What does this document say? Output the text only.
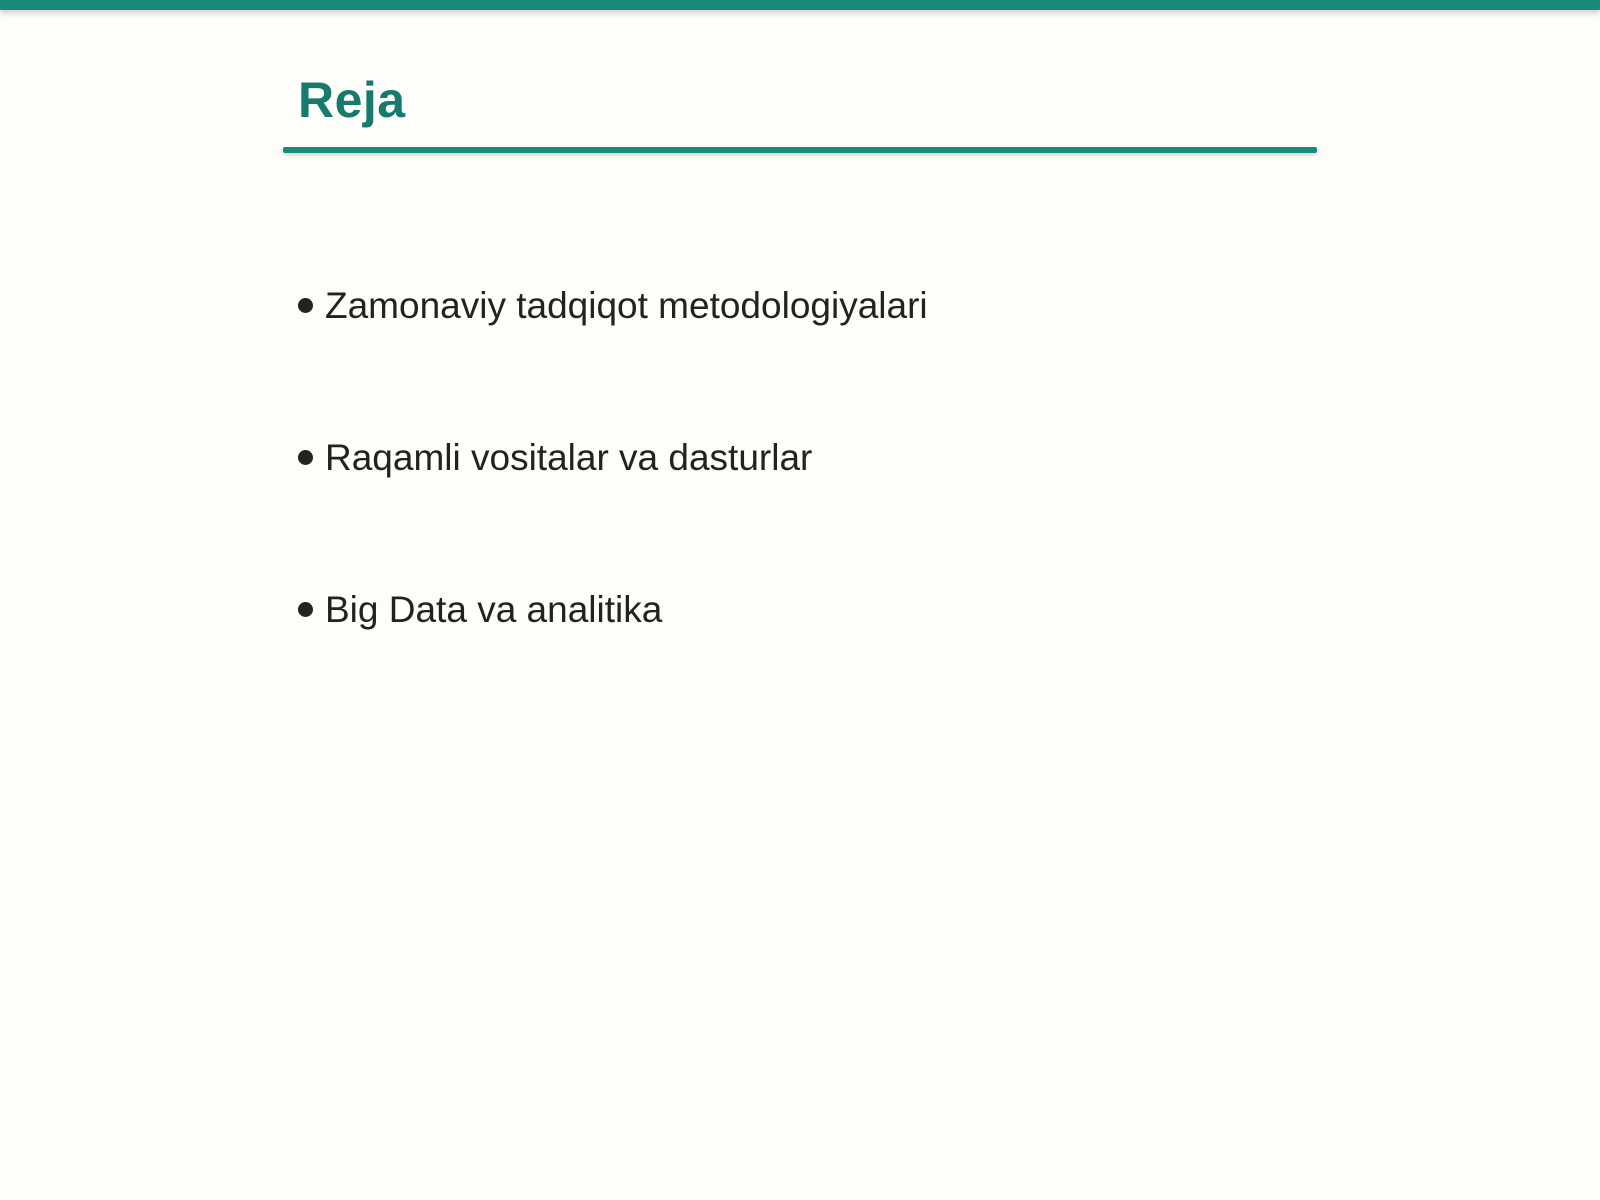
Reja
Zamonaviy tadqiqot metodologiyalari
Raqamli vositalar va dasturlar
Big Data va analitika
